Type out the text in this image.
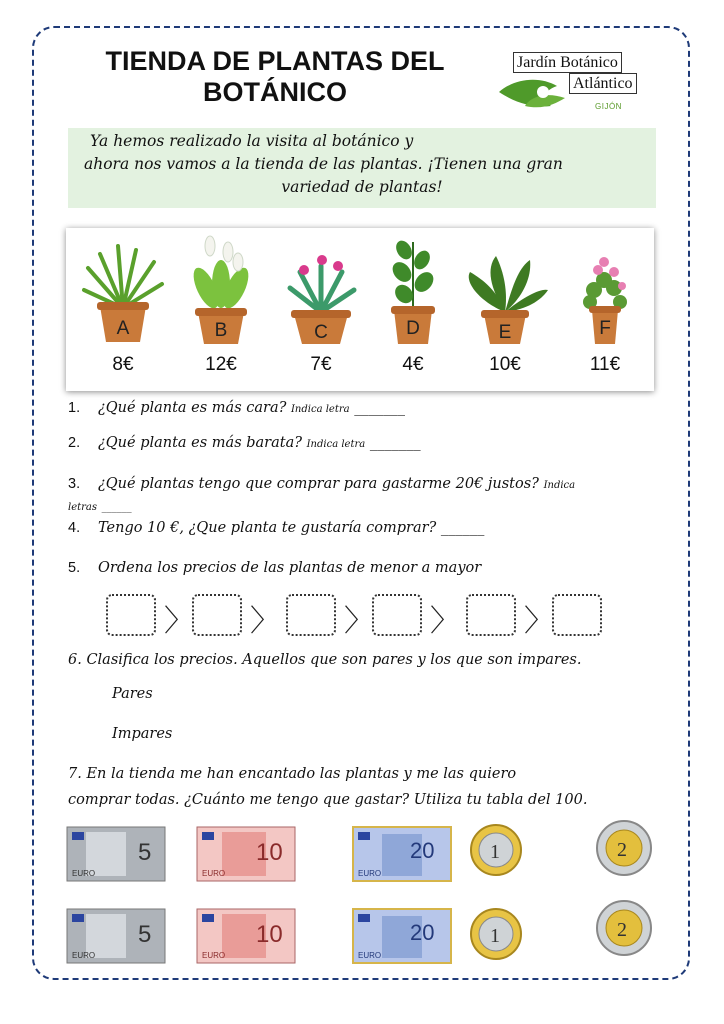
TIENDA DE PLANTAS DEL
BOTÁNICO
Jardín Botánico
Atlántico
GIJÓN

Ya hemos realizado la visita al botánico y

ahora nos vamos a la tienda de las plantas. ¡Tienen una gran

variedad de plantas!

A
8€
B
12€
C
7€
D
4€
E
10€
F
11€
1. ¿Qué planta es más cara? Indica letra _______
2. ¿Qué planta es más barata? Indica letra _______
3. ¿Qué plantas tengo que comprar para gastarme 20€ justos? Indica
letras ______
4. Tengo 10 €, ¿Que planta te gustaría comprar? ______
5. Ordena los precios de las plantas de menor a mayor
〉 〉 〉 〉 〉
6. Clasifica los precios. Aquellos que son pares y los que son impares.
Pares
Impares
7. En la tienda me han encantado las plantas y me las quiero
comprar todas. ¿Cuánto me tengo que gastar? Utiliza tu tabla del 100.
5
EURO
10
EURO
20
EURO
1	2
5
EURO
10
EURO
20
EURO
1	2
